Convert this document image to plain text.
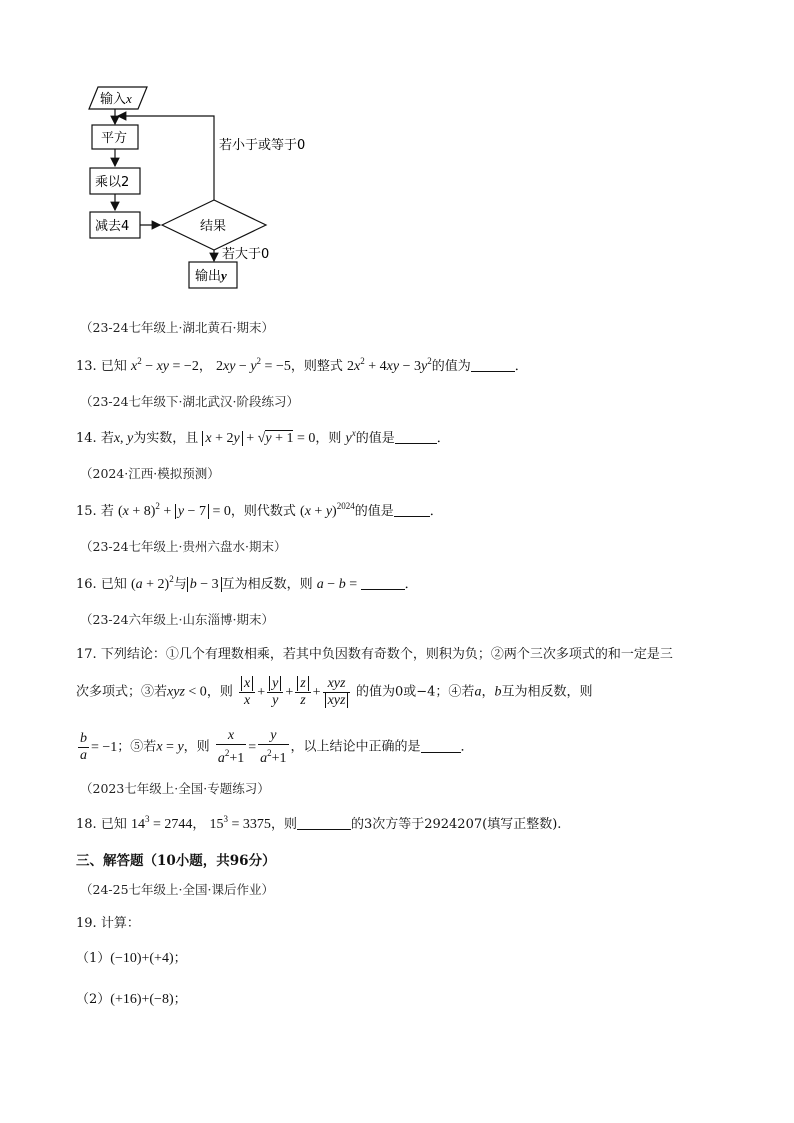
输入x
平方
乘以2
减去4	结果
若小于或等于0
若大于0
输出y
（23-24七年级上·湖北黄石·期末）
13. 已知 $x^2$ − xy = −2， $2xy - y^2 = -5$，则整式 $2x^2 + 4xy - 3y^2$的值为	．
（23-24七年级下·湖北武汉·阶段练习）
14. 若x, y为实数，且 x + 2y + √y + 1 = 0，则 $y^x$的值是	．
（2024·江西·模拟预测）
15. 若 $(x + 8)^2 + y - 7 = 0$，则代数式 $(x + y)^{2024}$的值是	．
（23-24七年级上·贵州六盘水·期末）
16. 已知 $(a + 2)^2$与 b − 3 互为相反数，则 a − b =	．
（23-24六年级上·山东淄博·期末）
17. 下列结论：①几个有理数相乘，若其中负因数有奇数个，则积为负；②两个三次多项式的和一定是三
次多项式；③若xyz < 0，则 $\frac{x}{x} + \frac{y}{y} + \frac{z}{z} + \frac{\text{xyz}}{\text{xyz}}$ 的值为0或−4；④若a，b互为相反数，则
$\frac{b}{a} = -1$；⑤若x = y，则 $\frac{x}{a^2+1} = \frac{y}{a^2+1}$ ，以上结论中正确的是	．
（2023七年级上·全国·专题练习）
18. 已知 $14^3 = 2744$， $15^3 = 3375$，则	的3次方等于2924207(填写正整数).
三、解答题（10小题，共96分）
（24-25七年级上·全国·课后作业）
19. 计算：
（1）(−10)+(+4)；
（2）(+16)+(−8)；
